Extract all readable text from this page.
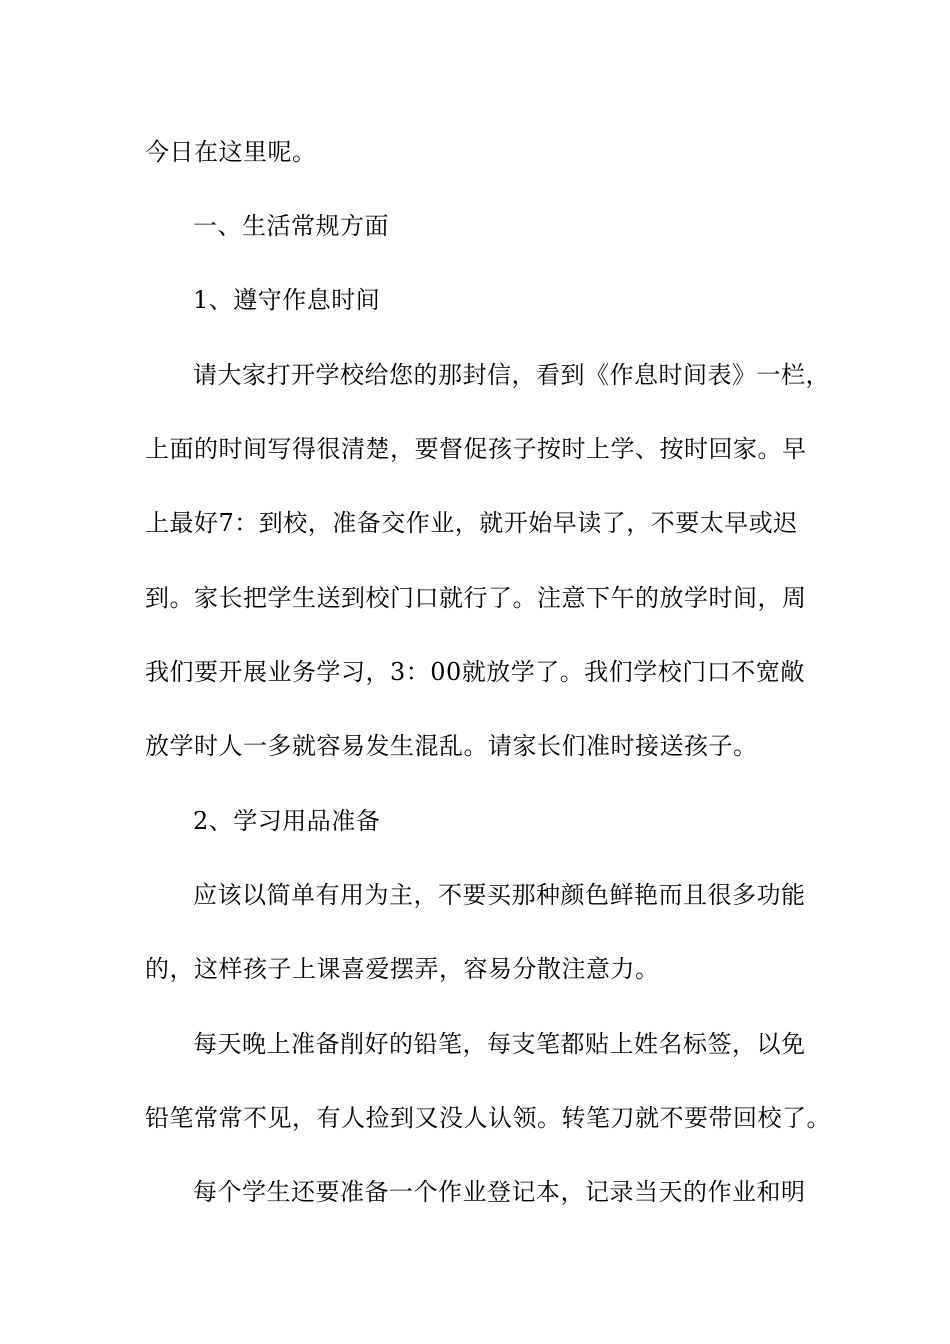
今日在这里呢。
一、生活常规方面
1、遵守作息时间
请大家打开学校给您的那封信，看到《作息时间表》一栏，
上面的时间写得很清楚，要督促孩子按时上学、按时回家。早
上最好7：到校，准备交作业，就开始早读了，不要太早或迟
到。家长把学生送到校门口就行了。注意下午的放学时间，周
我们要开展业务学习，3：00就放学了。我们学校门口不宽敞
放学时人一多就容易发生混乱。请家长们准时接送孩子。
2、学习用品准备
应该以简单有用为主，不要买那种颜色鲜艳而且很多功能
的，这样孩子上课喜爱摆弄，容易分散注意力。
每天晚上准备削好的铅笔，每支笔都贴上姓名标签，以免
铅笔常常不见，有人捡到又没人认领。转笔刀就不要带回校了。
每个学生还要准备一个作业登记本，记录当天的作业和明
